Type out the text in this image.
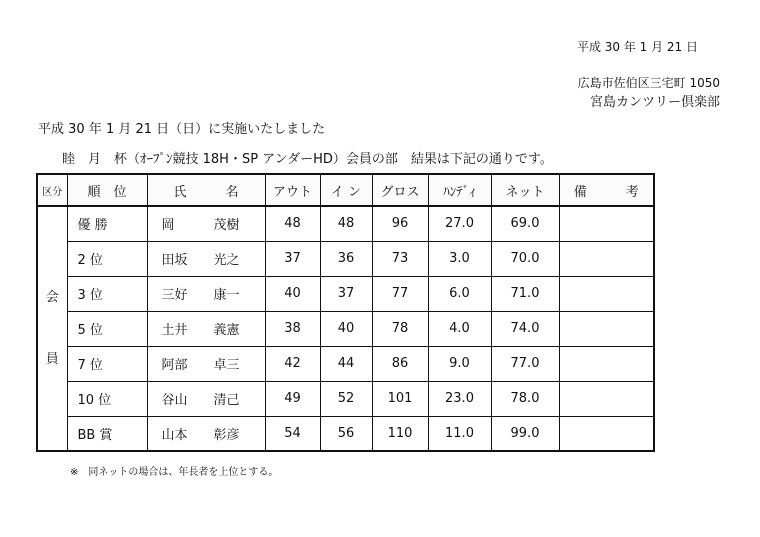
平成 30 年 1 月 21 日
広島市佐伯区三宅町 1050
宮島カンツリー倶楽部
平成 30 年 1 月 21 日（日）に実施いたしました
睦　月　杯（ｵｰﾌﾟﾝ競技 18H・SP アンダーHD）会員の部　結果は下記の通りです。
区分	順　位	氏　　　名	アウト	イ ン	グロス	ﾊﾝﾃﾞｨ	ネット	備　　　考

会
員	優 勝	岡　　　茂樹	48	48	96	27.0	69.0	
	2 位	田坂　　光之	37	36	73	3.0	70.0	
	3 位	三好　　康一	40	37	77	6.0	71.0	
	5 位	土井　　義憲	38	40	78	4.0	74.0	
	7 位	阿部　　卓三	42	44	86	9.0	77.0	
	10 位	谷山　　清己	49	52	101	23.0	78.0	
	BB 賞	山本　　彰彦	54	56	110	11.0	99.0	
※　同ネットの場合は、年長者を上位とする。
